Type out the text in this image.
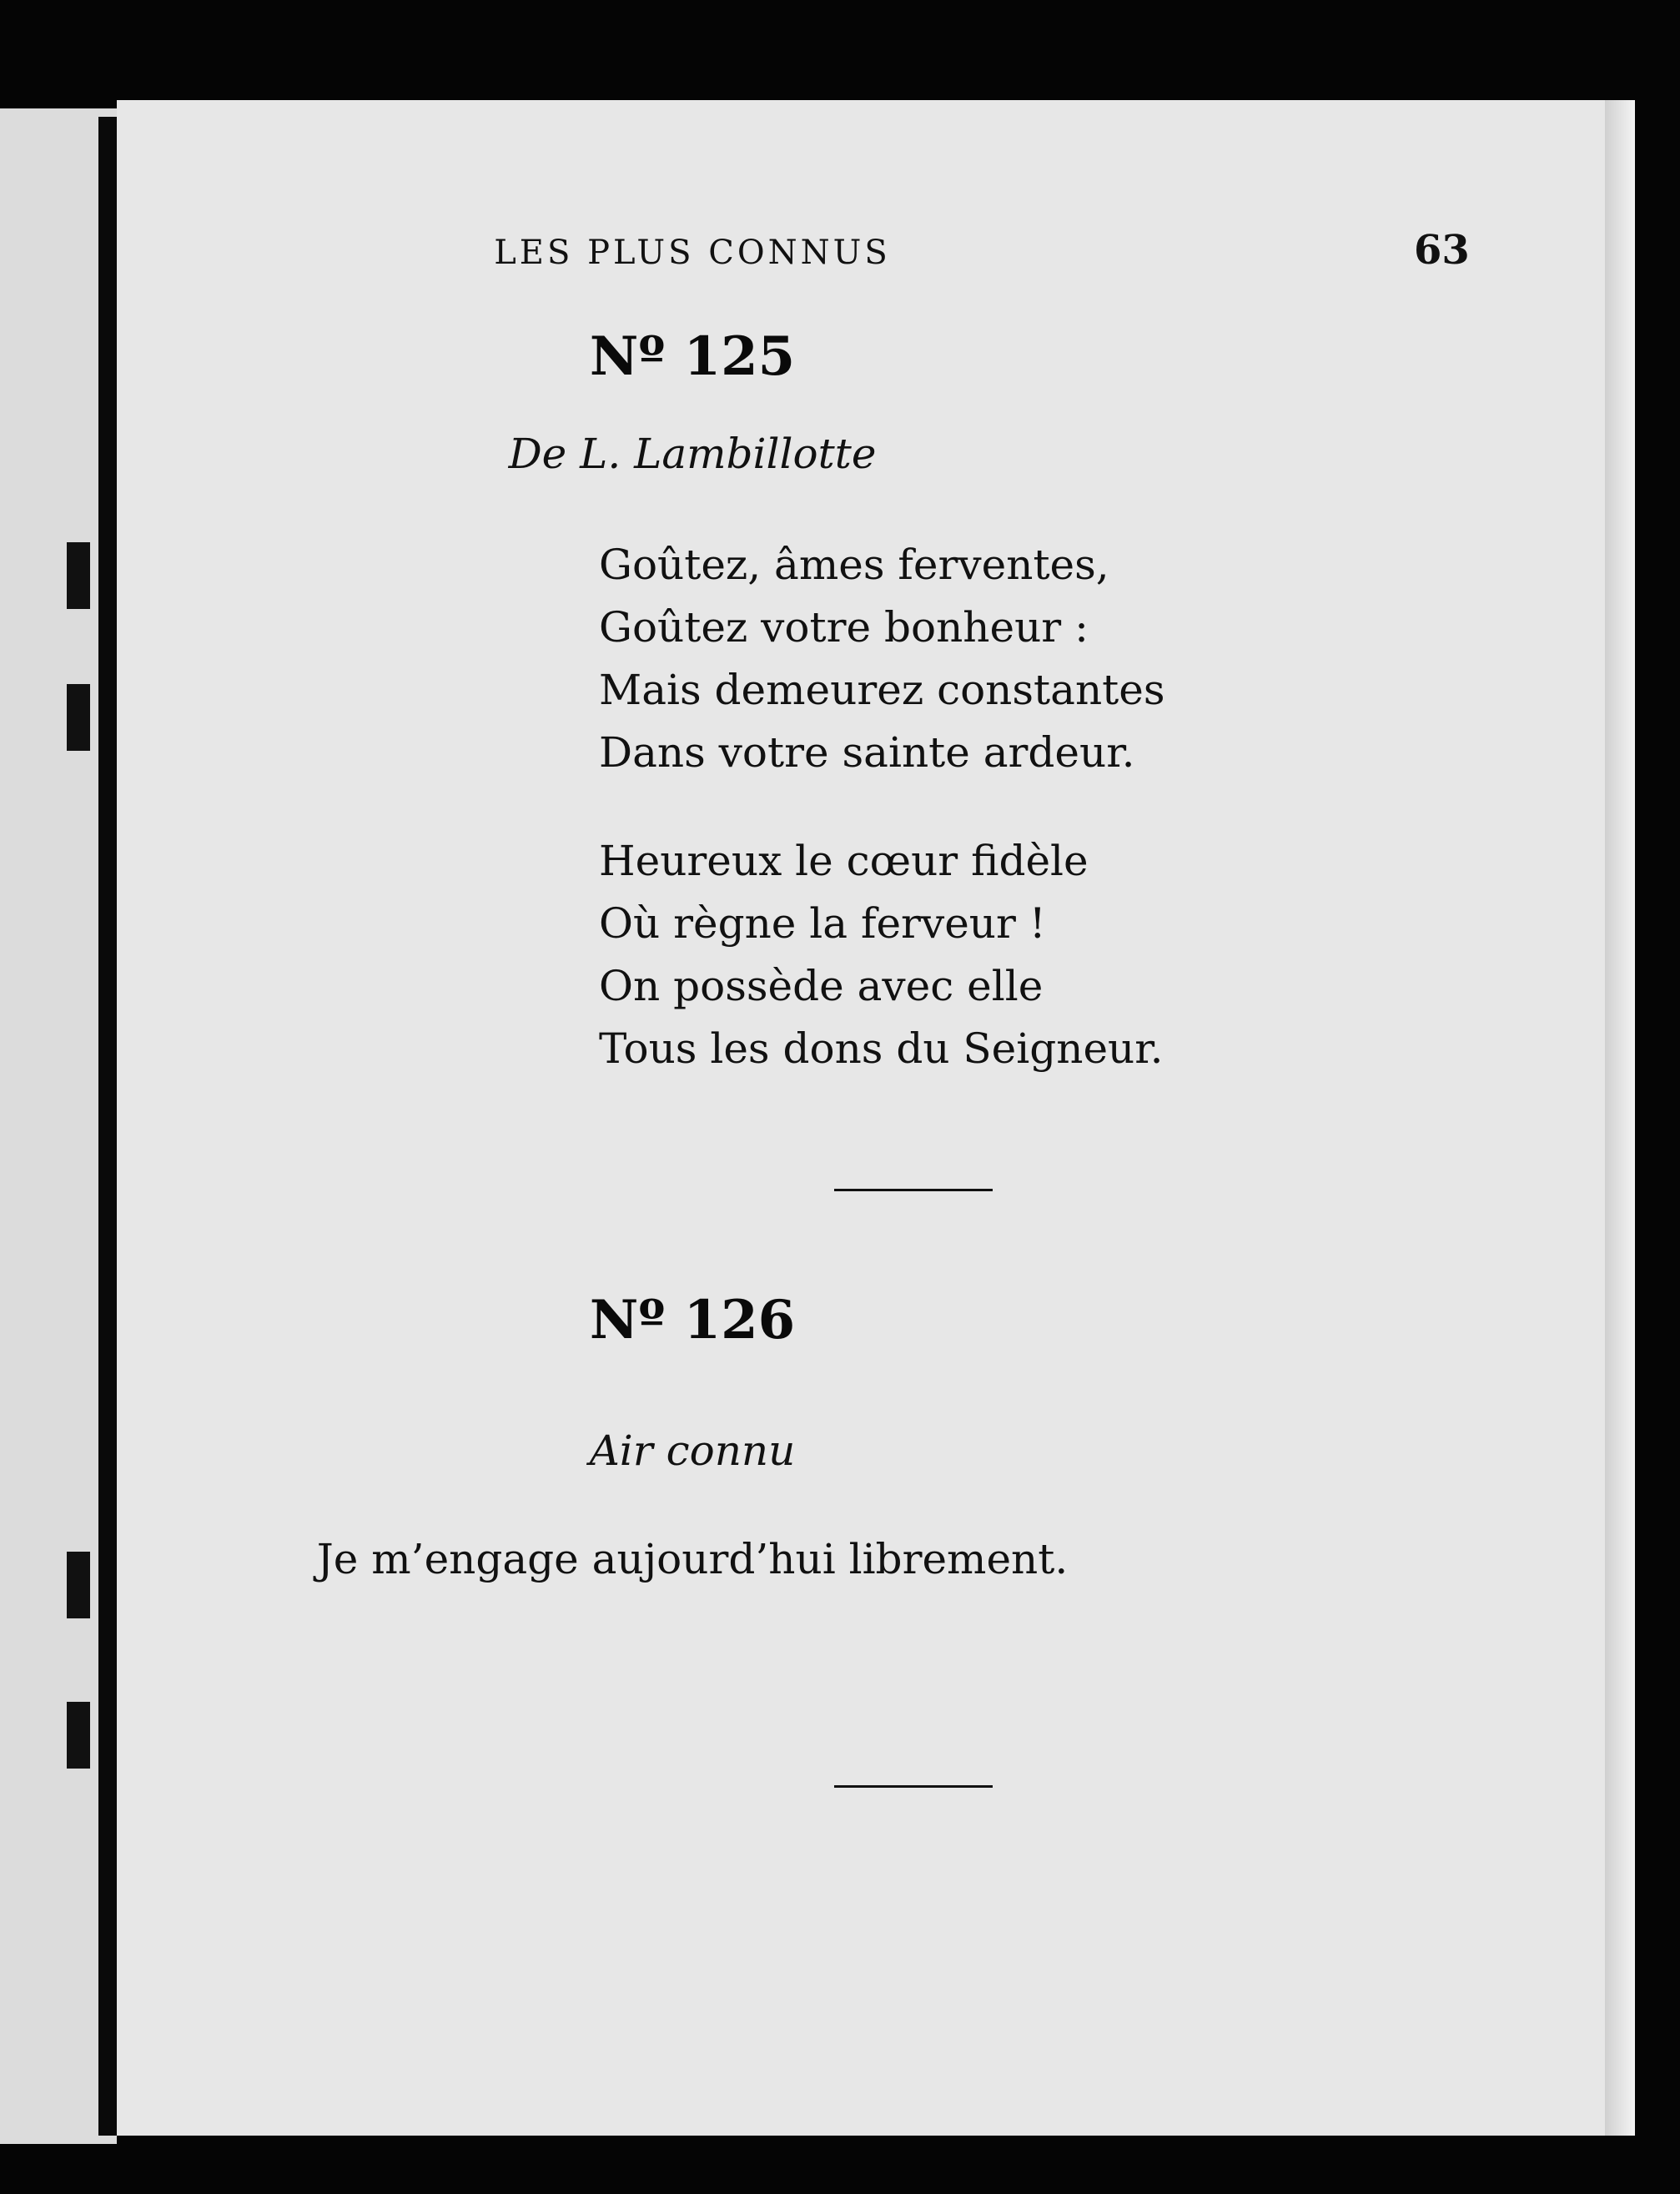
LES PLUS CONNUS	63
Nº 125
De L. Lambillotte
Goûtez, âmes ferventes,
Goûtez votre bonheur :
Mais demeurez constantes
Dans votre sainte ardeur.
Heureux le cœur fidèle
Où règne la ferveur !
On possède avec elle
Tous les dons du Seigneur.
Nº 126
Air connu
Je m’engage aujourd’hui librement.
